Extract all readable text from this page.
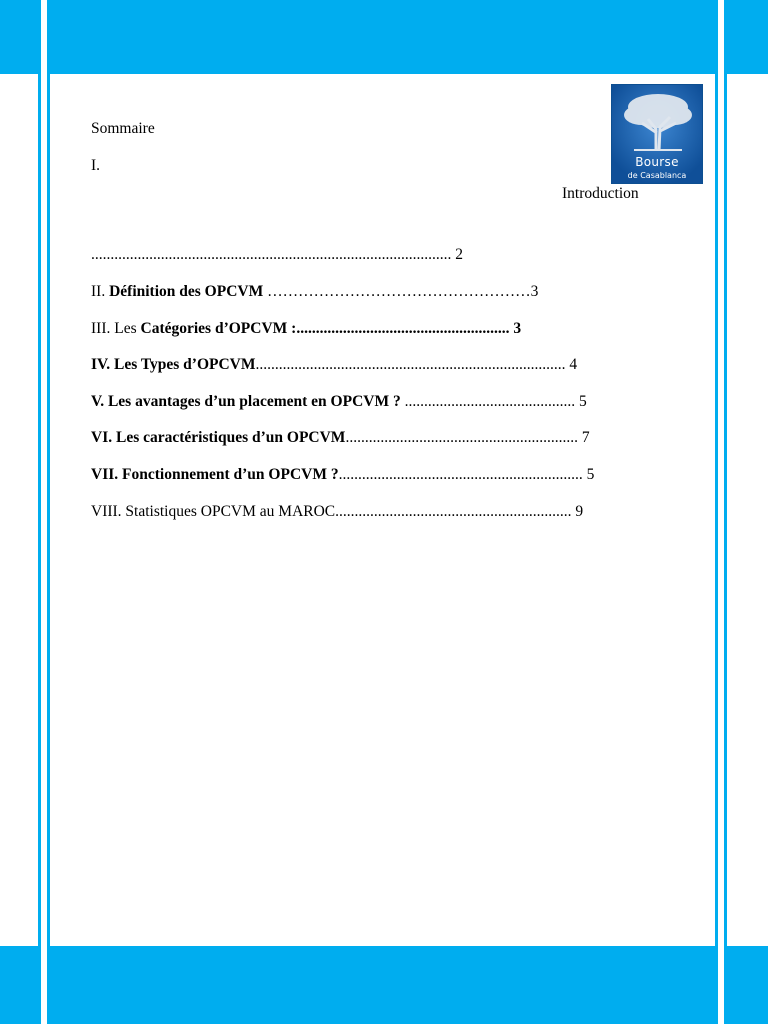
Bourse
de Casablanca
Sommaire
I.
Introduction
............................................................................................. 2
II. Définition des OPCVM ……………………………………………3
III. Les Catégories d’OPCVM :....................................................... 3
IV. Les Types d’OPCVM................................................................................ 4
V. Les avantages d’un placement en OPCVM ? ............................................ 5
VI. Les caractéristiques d’un OPCVM............................................................ 7
VII. Fonctionnement d’un OPCVM ?............................................................... 5
VIII. Statistiques OPCVM au MAROC............................................................. 9
